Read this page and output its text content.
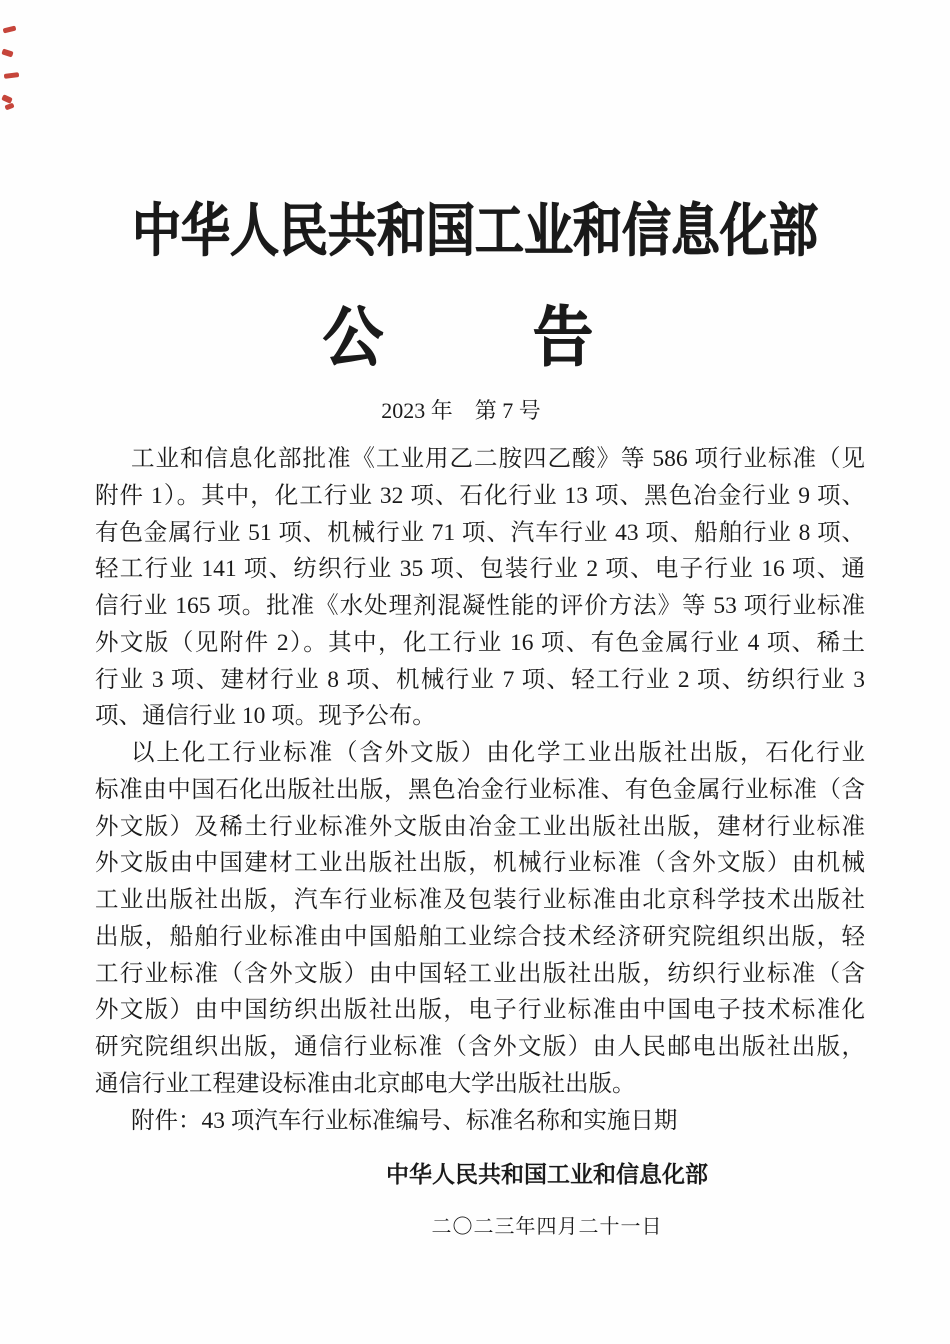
中华人民共和国工业和信息化部
公	告
2023 年　第 7 号
工业和信息化部批准《工业用乙二胺四乙酸》等 586 项行业标准（见
附件 1）。其中，化工行业 32 项、石化行业 13 项、黑色冶金行业 9 项、
有色金属行业 51 项、机械行业 71 项、汽车行业 43 项、船舶行业 8 项、
轻工行业 141 项、纺织行业 35 项、包装行业 2 项、电子行业 16 项、通
信行业 165 项。批准《水处理剂混凝性能的评价方法》等 53 项行业标准
外文版（见附件 2）。其中，化工行业 16 项、有色金属行业 4 项、稀土
行业 3 项、建材行业 8 项、机械行业 7 项、轻工行业 2 项、纺织行业 3
项、通信行业 10 项。现予公布。
以上化工行业标准（含外文版）由化学工业出版社出版，石化行业
标准由中国石化出版社出版，黑色冶金行业标准、有色金属行业标准（含
外文版）及稀土行业标准外文版由冶金工业出版社出版，建材行业标准
外文版由中国建材工业出版社出版，机械行业标准（含外文版）由机械
工业出版社出版，汽车行业标准及包装行业标准由北京科学技术出版社
出版，船舶行业标准由中国船舶工业综合技术经济研究院组织出版，轻
工行业标准（含外文版）由中国轻工业出版社出版，纺织行业标准（含
外文版）由中国纺织出版社出版，电子行业标准由中国电子技术标准化
研究院组织出版，通信行业标准（含外文版）由人民邮电出版社出版，
通信行业工程建设标准由北京邮电大学出版社出版。
附件：43 项汽车行业标准编号、标准名称和实施日期
中华人民共和国工业和信息化部
二〇二三年四月二十一日
